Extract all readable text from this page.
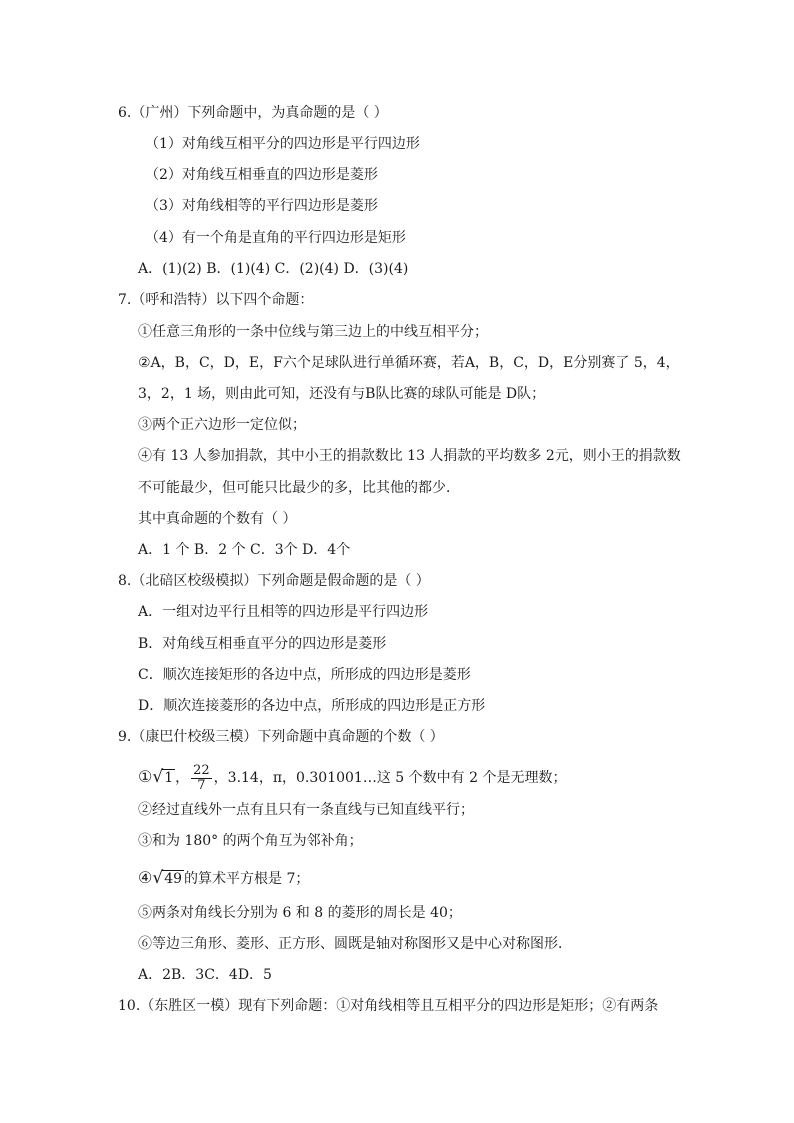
6.（广州）下列命题中，为真命题的是（ ）
（1）对角线互相平分的四边形是平行四边形
（2）对角线互相垂直的四边形是菱形
（3）对角线相等的平行四边形是菱形
（4）有一个角是直角的平行四边形是矩形
A．(1)(2) B．(1)(4) C．(2)(4) D．(3)(4)
7.（呼和浩特）以下四个命题：
①任意三角形的一条中位线与第三边上的中线互相平分；
②A，B，C，D，E，F六个足球队进行单循环赛，若A，B，C，D，E分别赛了 5，4，
3，2，1 场，则由此可知，还没有与B队比赛的球队可能是 D队；
③两个正六边形一定位似；
④有 13 人参加捐款，其中小王的捐款数比 13 人捐款的平均数多 2元，则小王的捐款数
不可能最少，但可能只比最少的多，比其他的都少．
其中真命题的个数有（ ）
A．1 个 B．2 个 C．3个 D．4个
8.（北碚区校级模拟）下列命题是假命题的是（ ）
A．一组对边平行且相等的四边形是平行四边形
B．对角线互相垂直平分的四边形是菱形
C．顺次连接矩形的各边中点，所形成的四边形是菱形
D．顺次连接菱形的各边中点，所形成的四边形是正方形
9.（康巴什校级三模）下列命题中真命题的个数（ ）
①√1 ， $\frac{22}{7}$ ，3.14，π，0.301001…这 5 个数中有 2 个是无理数；
②经过直线外一点有且只有一条直线与已知直线平行；
③和为 180° 的两个角互为邻补角；
④√49 的算术平方根是 7；
⑤两条对角线长分别为 6 和 8 的菱形的周长是 40；
⑥等边三角形、菱形、正方形、圆既是轴对称图形又是中心对称图形．
A．2B．3C．4D．5
10.（东胜区一模）现有下列命题：①对角线相等且互相平分的四边形是矩形；②有两条
